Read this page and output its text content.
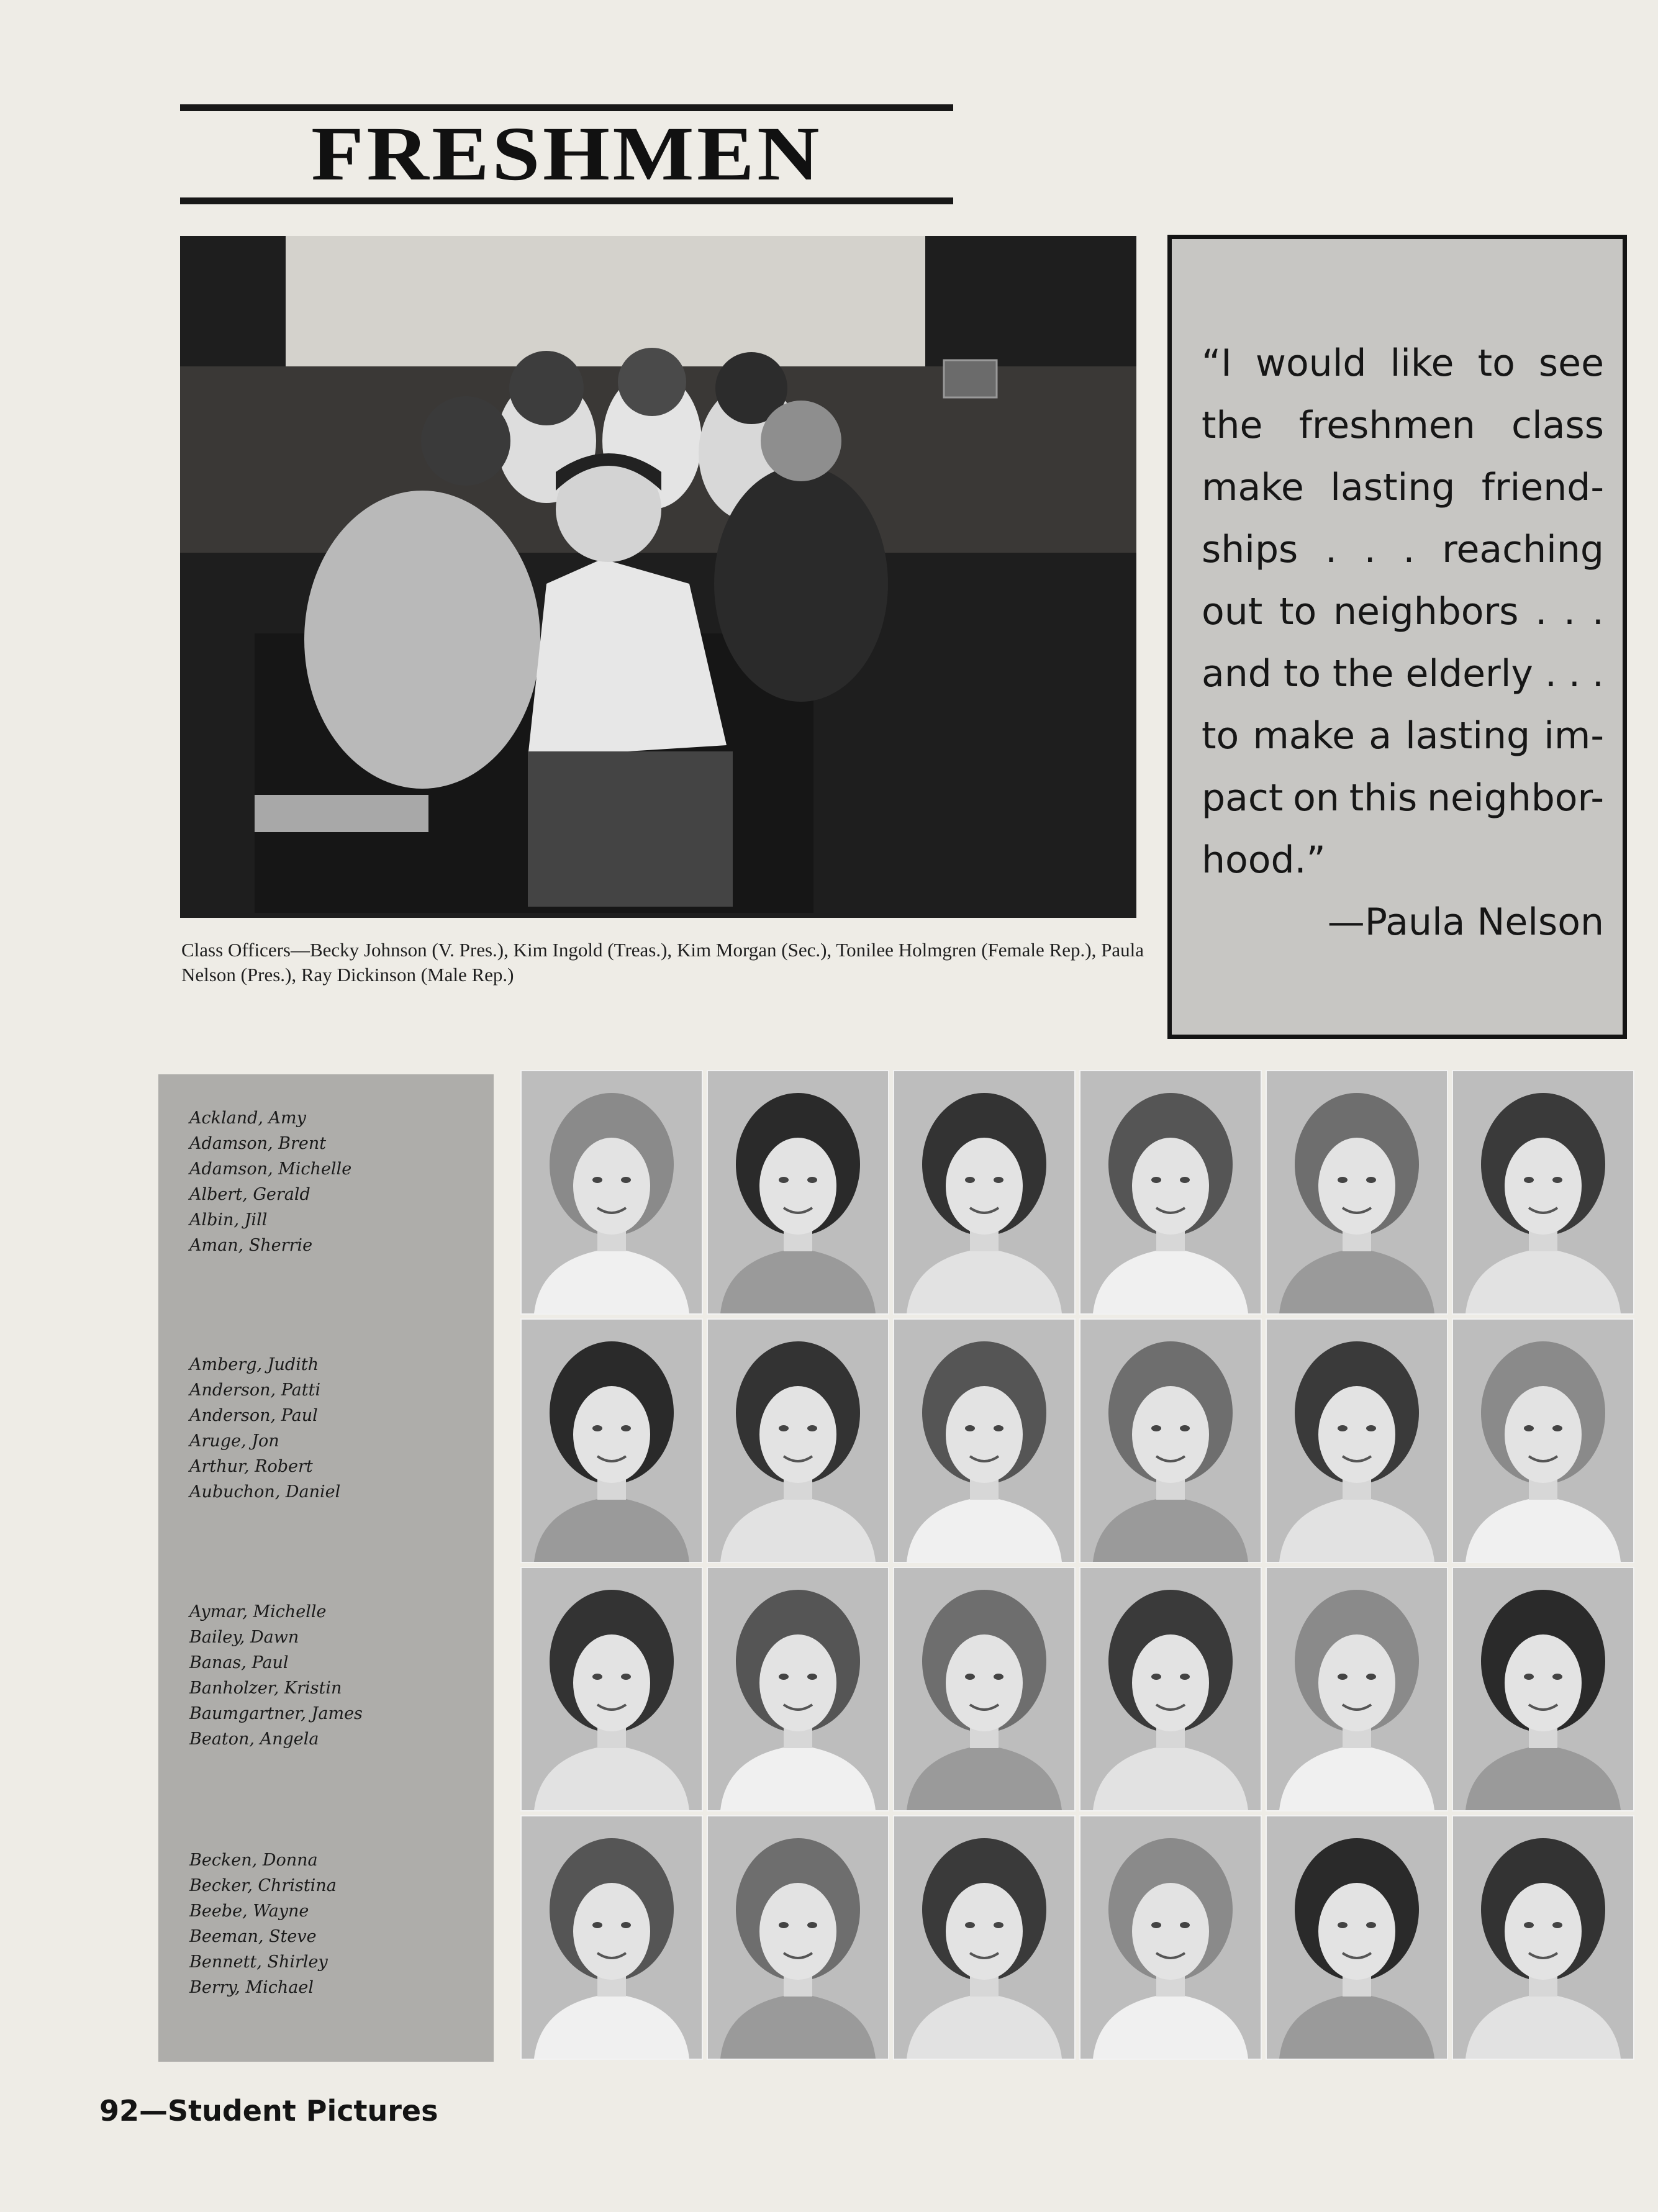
FRESHMEN
Class Officers—Becky Johnson (V. Pres.), Kim Ingold (Treas.), Kim Morgan (Sec.), Tonilee Holmgren (Female Rep.), Paula Nelson (Pres.), Ray Dickinson (Male Rep.)
“I would like to see
the freshmen class
make lasting friend-
ships . . . reaching
out to neighbors . . .
and to the elderly . . .
to make a lasting im-
pact on this neighbor-
hood.”
—Paula Nelson
Ackland, Amy
Adamson, Brent
Adamson, Michelle
Albert, Gerald
Albin, Jill
Aman, Sherrie
Amberg, Judith
Anderson, Patti
Anderson, Paul
Aruge, Jon
Arthur, Robert
Aubuchon, Daniel
Aymar, Michelle
Bailey, Dawn
Banas, Paul
Banholzer, Kristin
Baumgartner, James
Beaton, Angela
Becken, Donna
Becker, Christina
Beebe, Wayne
Beeman, Steve
Bennett, Shirley
Berry, Michael
92—Student Pictures
